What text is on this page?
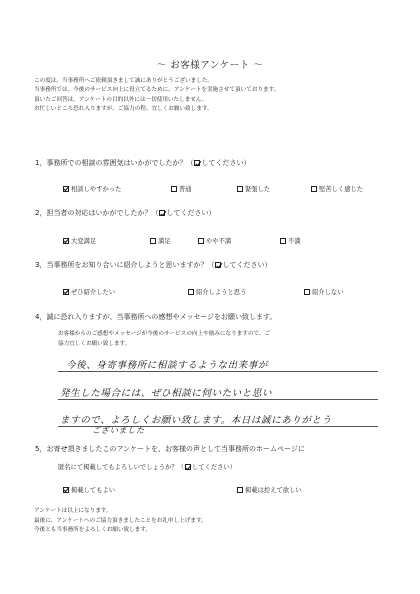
〜 お客様アンケート 〜
この度は、当事務所へご依頼頂きまして誠にありがとうございました。
当事務所では、今後のサービス向上に役立てるために、アンケートを実施させて頂いております。
頂いたご回答は、アンケートの目的以外には一切使用いたしません。
お忙しいところ恐れ入りますが、ご協力の程、宜しくお願い致します。
1，事務所での相談の雰囲気はいかがでしたか？（ してください）
相談しやすかった	普通	緊張した	堅苦しく感じた
2，担当者の対応はいかがでしたか？（ してください）
大変満足	満足	やや不満	不満
3，当事務所をお知り合いに紹介しようと思いますか？（ してください）
ぜひ紹介したい	紹介しようと思う	紹介しない
4，誠に恐れ入りますが、当事務所への感想やメッセージをお願い致します。
お客様からのご感想やメッセージが今後のサービスの向上や励みになりますので、ご
協力宜しくお願い致します。
今後、身寄事務所に相談するような出来事が
発生した場合には、ぜひ相談に伺いたいと思い
ますので、よろしくお願い致します。本日は誠にありがとう
ございました
5，お寄せ頂きましたこのアンケートを、お客様の声として当事務所のホームページに
匿名にて掲載してもよろしいでしょうか？（ してください）
掲載してもよい	掲載は控えて欲しい
アンケートは以上になります。
最後に、アンケートへのご協力頂きましたことをお礼申し上げます。
今後とも当事務所をよろしくお願い致します。
